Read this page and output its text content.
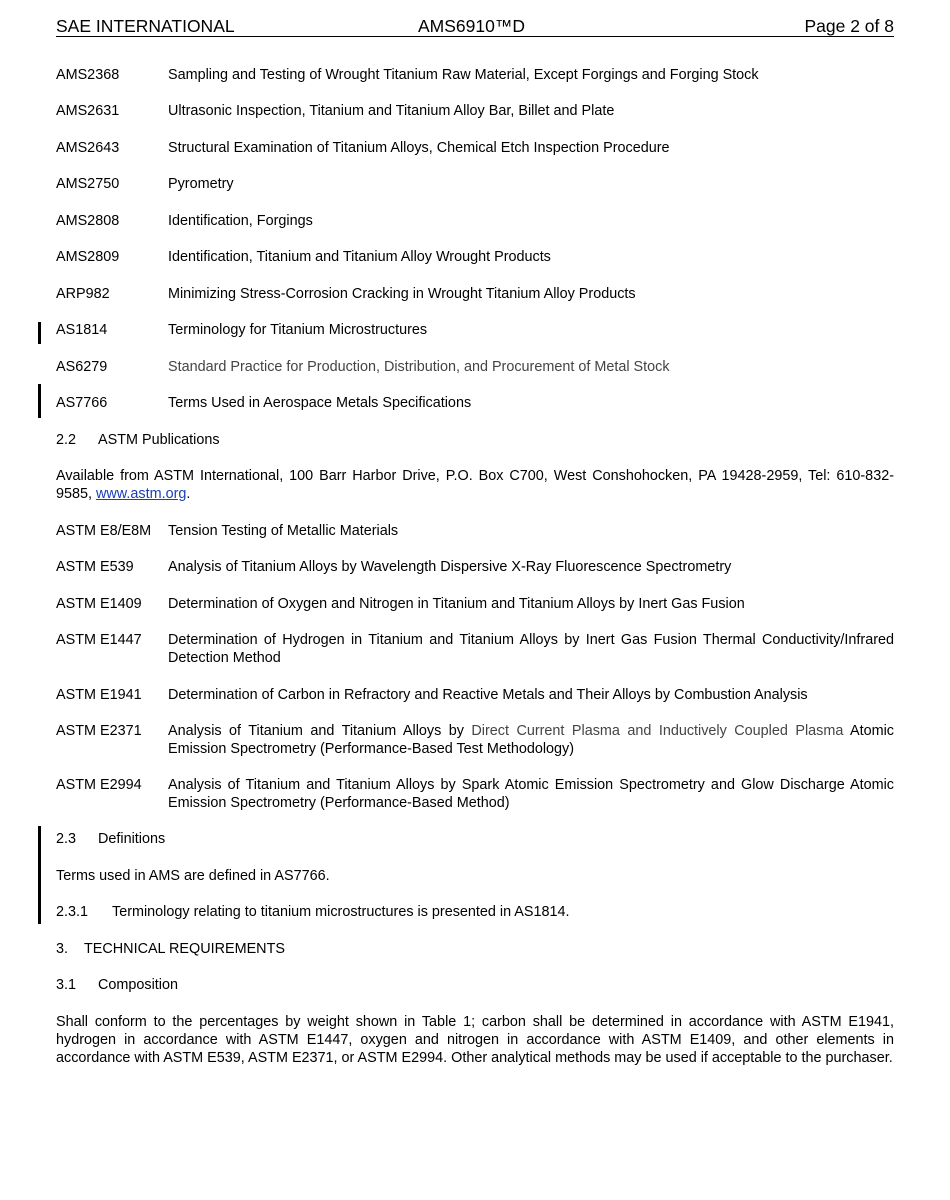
SAE INTERNATIONAL	AMS6910™D	Page 2 of 8
AMS2368	Sampling and Testing of Wrought Titanium Raw Material, Except Forgings and Forging Stock
AMS2631	Ultrasonic Inspection, Titanium and Titanium Alloy Bar, Billet and Plate
AMS2643	Structural Examination of Titanium Alloys, Chemical Etch Inspection Procedure
AMS2750	Pyrometry
AMS2808	Identification, Forgings
AMS2809	Identification, Titanium and Titanium Alloy Wrought Products
ARP982	Minimizing Stress-Corrosion Cracking in Wrought Titanium Alloy Products
AS1814	Terminology for Titanium Microstructures
AS6279	Standard Practice for Production, Distribution, and Procurement of Metal Stock
AS7766	Terms Used in Aerospace Metals Specifications
2.2 ASTM Publications
Available from ASTM International, 100 Barr Harbor Drive, P.O. Box C700, West Conshohocken, PA 19428-2959, Tel: 610-832-9585, www.astm.org.
ASTM E8/E8M Tension Testing of Metallic Materials
ASTM E539 Analysis of Titanium Alloys by Wavelength Dispersive X-Ray Fluorescence Spectrometry
ASTM E1409 Determination of Oxygen and Nitrogen in Titanium and Titanium Alloys by Inert Gas Fusion
ASTM E1447 Determination of Hydrogen in Titanium and Titanium Alloys by Inert Gas Fusion Thermal Conductivity/Infrared Detection Method
ASTM E1941 Determination of Carbon in Refractory and Reactive Metals and Their Alloys by Combustion Analysis
ASTM E2371 Analysis of Titanium and Titanium Alloys by Direct Current Plasma and Inductively Coupled Plasma Atomic Emission Spectrometry (Performance-Based Test Methodology)
ASTM E2994 Analysis of Titanium and Titanium Alloys by Spark Atomic Emission Spectrometry and Glow Discharge Atomic Emission Spectrometry (Performance-Based Method)
2.3 Definitions
Terms used in AMS are defined in AS7766.
2.3.1 Terminology relating to titanium microstructures is presented in AS1814.
3. TECHNICAL REQUIREMENTS
3.1 Composition
Shall conform to the percentages by weight shown in Table 1; carbon shall be determined in accordance with ASTM E1941, hydrogen in accordance with ASTM E1447, oxygen and nitrogen in accordance with ASTM E1409, and other elements in accordance with ASTM E539, ASTM E2371, or ASTM E2994. Other analytical methods may be used if acceptable to the purchaser.
